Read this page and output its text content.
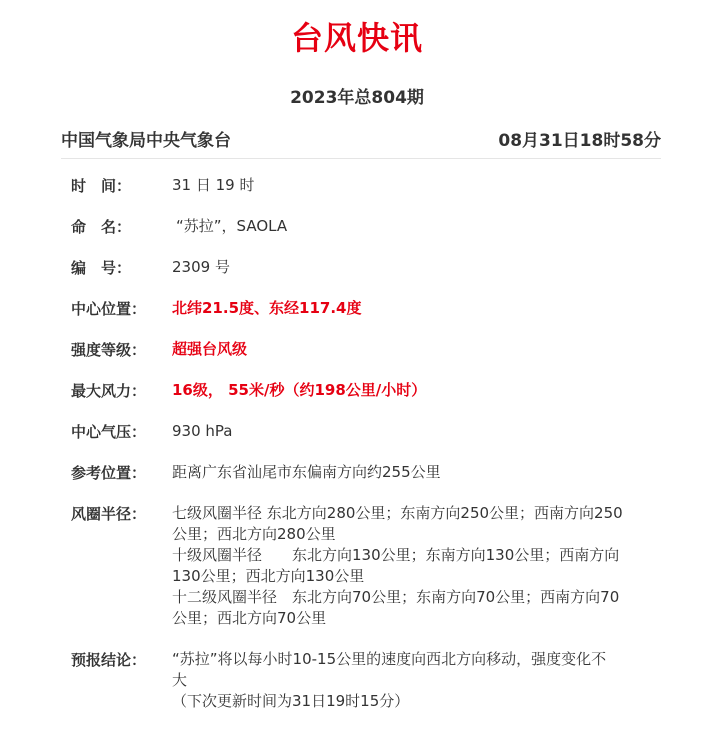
台风快讯
2023年总804期
中国气象局中央气象台	08月31日18时58分
时　间：	31 日 19 时
命　名：	“苏拉”，SAOLA
编　号：	2309 号
中心位置：	北纬21.5度、东经117.4度
强度等级：	超强台风级
最大风力：	16级， 55米/秒（约198公里/小时）
中心气压：	930 hPa
参考位置：	距离广东省汕尾市东偏南方向约255公里
风圈半径：	七级风圈半径 东北方向280公里；东南方向250公里；西南方向250
公里；西北方向280公里
十级风圈半径　　东北方向130公里；东南方向130公里；西南方向
130公里；西北方向130公里
十二级风圈半径　东北方向70公里；东南方向70公里；西南方向70
公里；西北方向70公里
预报结论：	“苏拉”将以每小时10-15公里的速度向西北方向移动，强度变化不
大
（下次更新时间为31日19时15分）
